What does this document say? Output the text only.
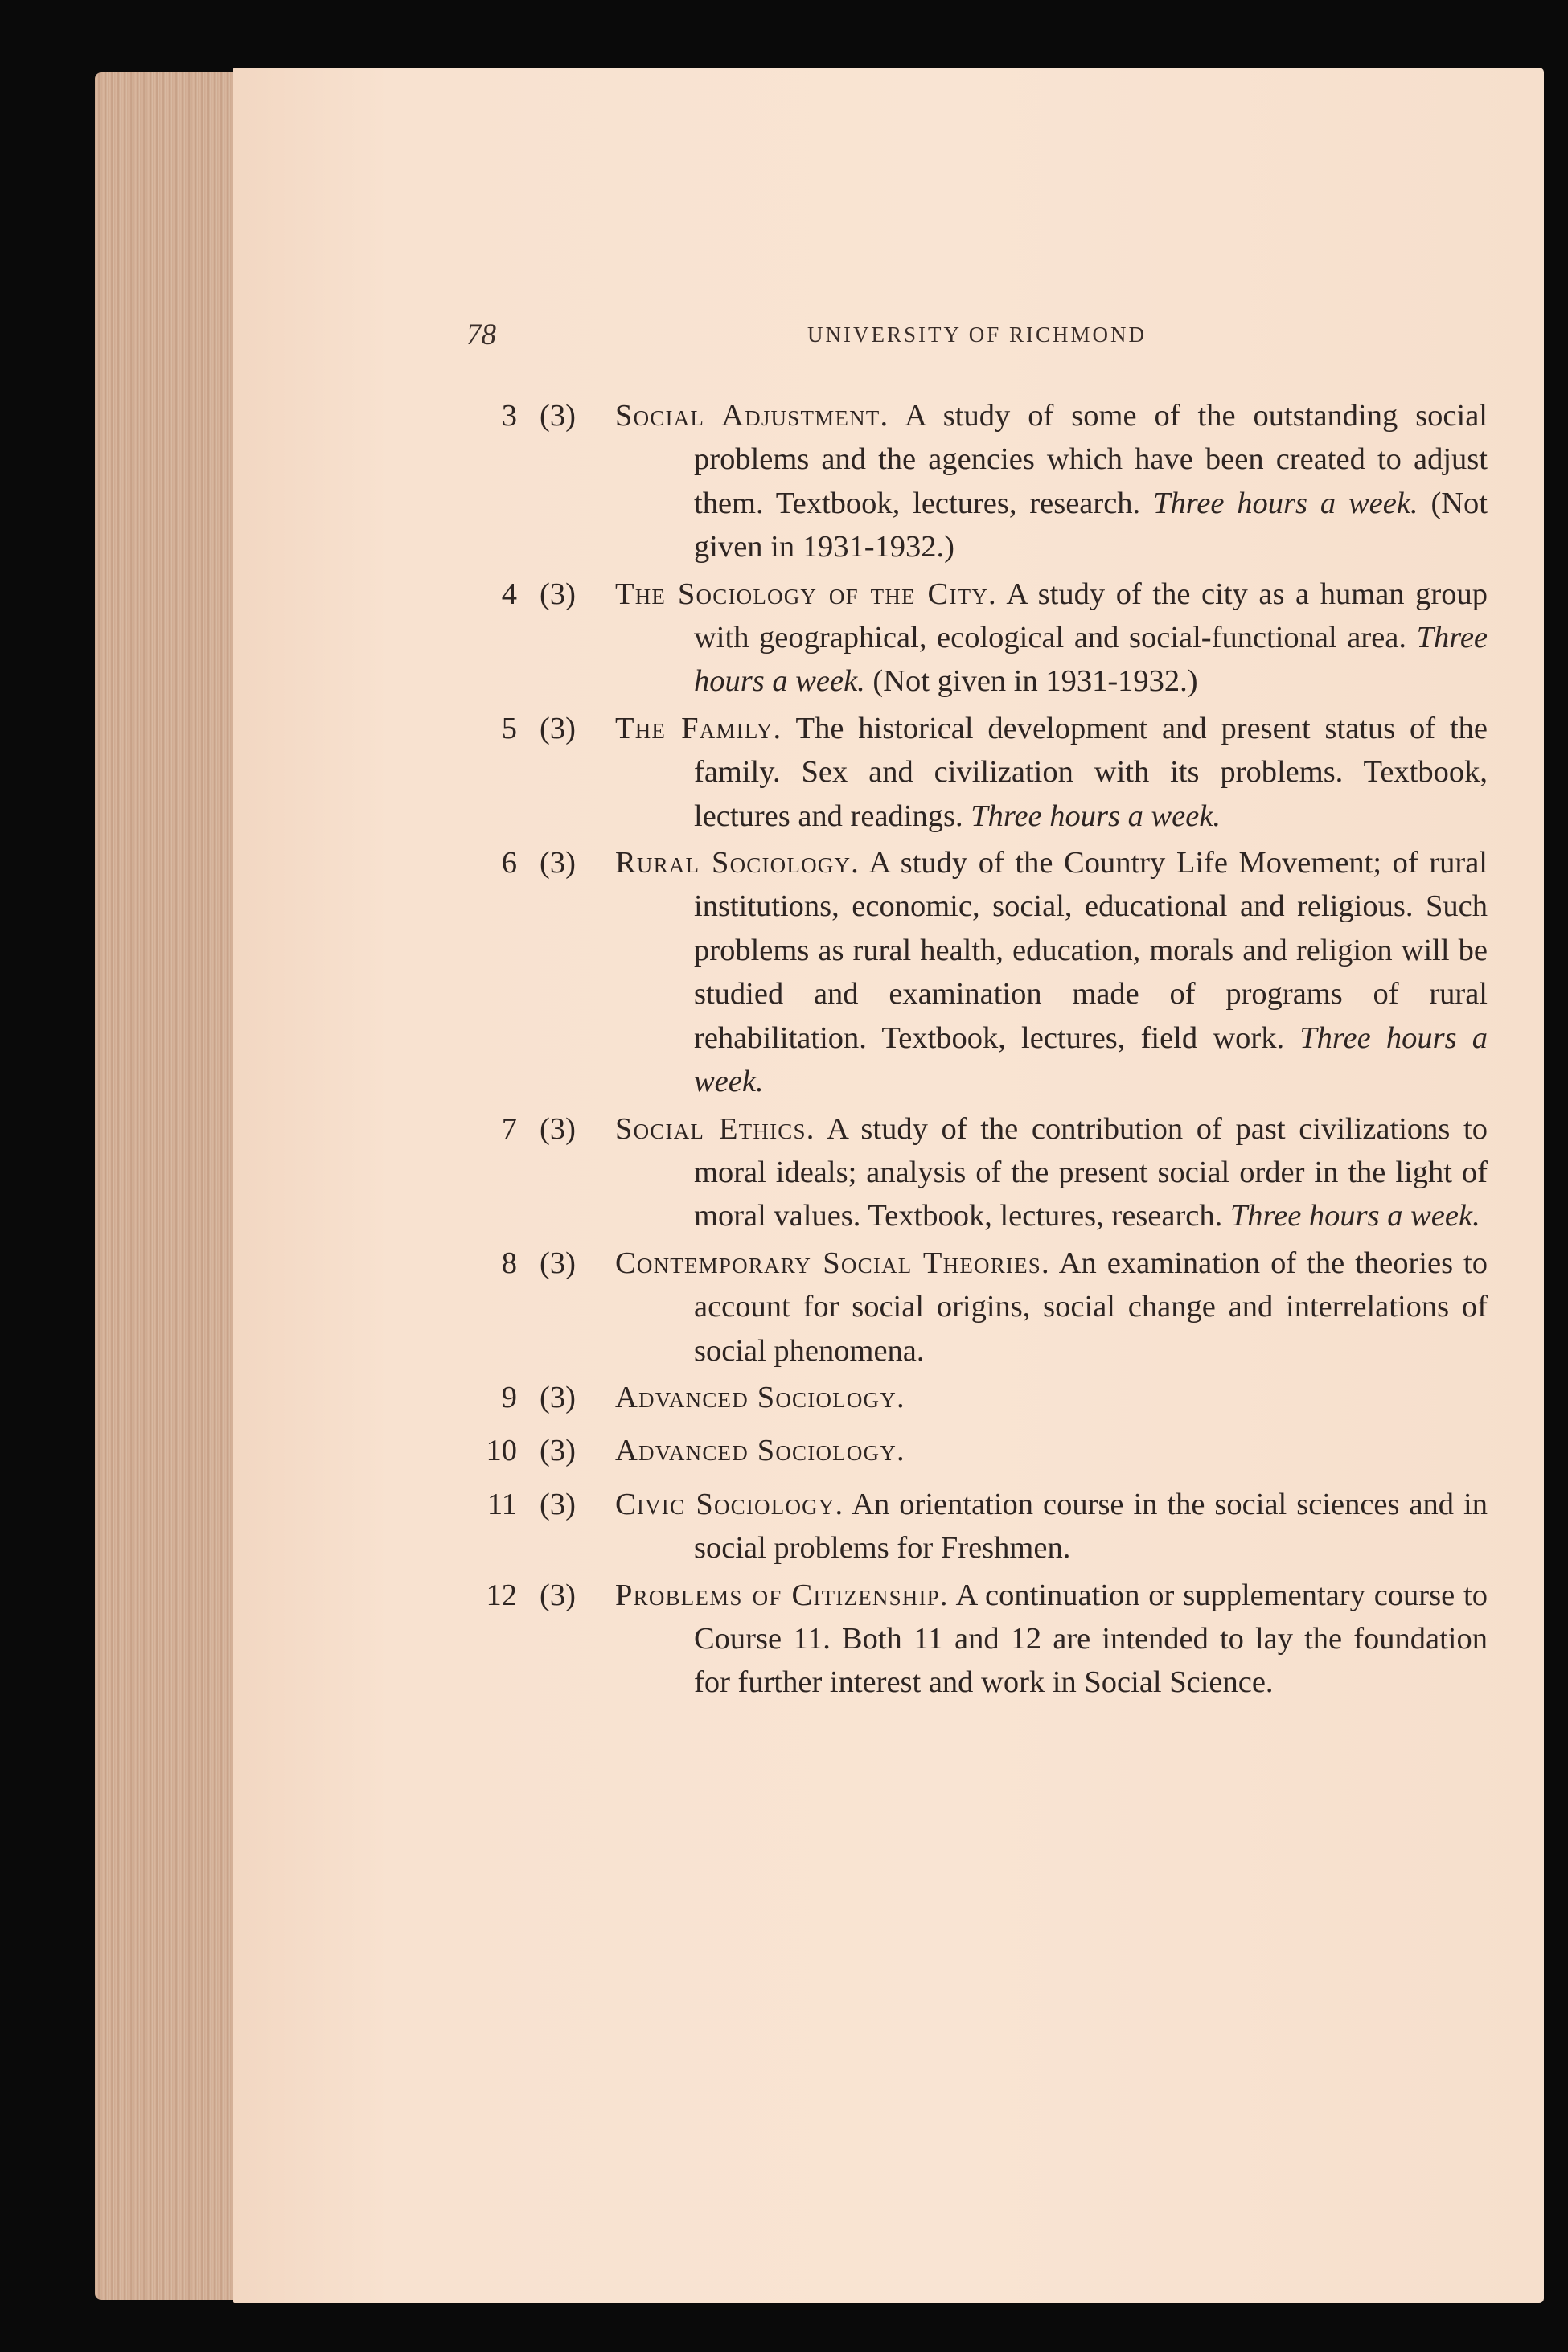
78	UNIVERSITY OF RICHMOND
3 (3) Social Adjustment. A study of some of the outstanding social problems and the agencies which have been created to adjust them. Textbook, lectures, research. Three hours a week. (Not given in 1931-1932.)
4 (3) The Sociology of the City. A study of the city as a human group with geographical, ecological and social-functional area. Three hours a week. (Not given in 1931-1932.)
5 (3) The Family. The historical development and present status of the family. Sex and civilization with its problems. Textbook, lectures and readings. Three hours a week.
6 (3) Rural Sociology. A study of the Country Life Movement; of rural institutions, economic, social, educational and religious. Such problems as rural health, education, morals and religion will be studied and examination made of programs of rural rehabilitation. Textbook, lectures, field work. Three hours a week.
7 (3) Social Ethics. A study of the contribution of past civilizations to moral ideals; analysis of the present social order in the light of moral values. Textbook, lectures, research. Three hours a week.
8 (3) Contemporary Social Theories. An examination of the theories to account for social origins, social change and interrelations of social phenomena.
9 (3) Advanced Sociology.
10 (3) Advanced Sociology.
11 (3) Civic Sociology. An orientation course in the social sciences and in social problems for Freshmen.
12 (3) Problems of Citizenship. A continuation or supplementary course to Course 11. Both 11 and 12 are intended to lay the foundation for further interest and work in Social Science.
